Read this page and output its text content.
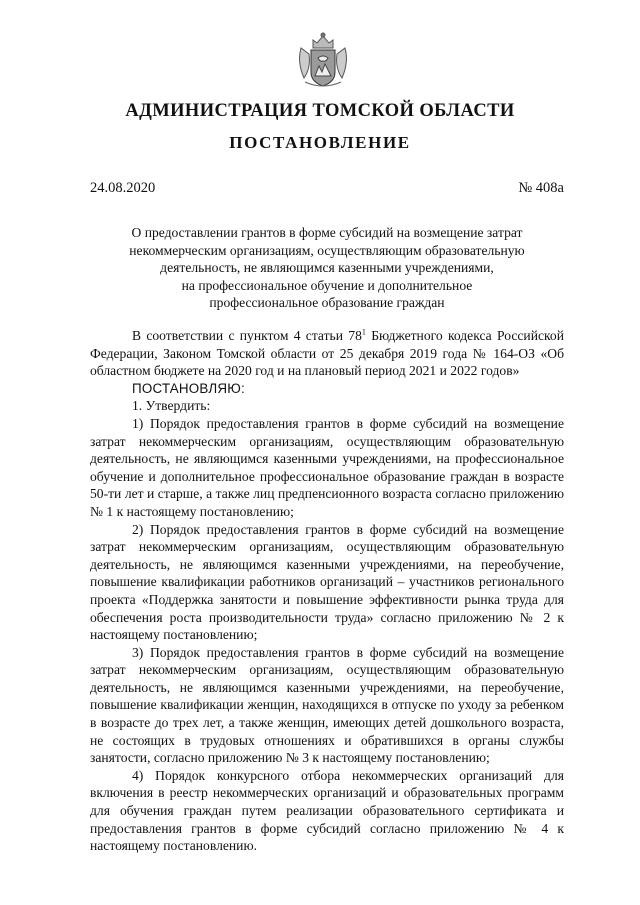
АДМИНИСТРАЦИЯ ТОМСКОЙ ОБЛАСТИ
ПОСТАНОВЛЕНИЕ
24.08.2020	№ 408а
О предоставлении грантов в форме субсидий на возмещение затрат
некоммерческим организациям, осуществляющим образовательную
деятельность, не являющимся казенными учреждениями,
на профессиональное обучение и дополнительное
профессиональное образование граждан

В соответствии с пунктом 4 статьи $78^1$ Бюджетного кодекса Российской Федерации, Законом Томской области от 25 декабря 2019 года № 164-ОЗ «Об областном бюджете на 2020 год и на плановый период 2021 и 2022 годов»

ПОСТАНОВЛЯЮ:

1. Утвердить:

1) Порядок предоставления грантов в форме субсидий на возмещение затрат некоммерческим организациям, осуществляющим образовательную деятельность, не являющимся казенными учреждениями, на профессиональное обучение и дополнительное профессиональное образование граждан в возрасте 50-ти лет и старше, а также лиц предпенсионного возраста согласно приложению № 1 к настоящему постановлению;

2) Порядок предоставления грантов в форме субсидий на возмещение затрат некоммерческим организациям, осуществляющим образовательную деятельность, не являющимся казенными учреждениями, на переобучение, повышение квалификации работников организаций – участников регионального проекта «Поддержка занятости и повышение эффективности рынка труда для обеспечения роста производительности труда» согласно приложению № 2 к настоящему постановлению;

3) Порядок предоставления грантов в форме субсидий на возмещение затрат некоммерческим организациям, осуществляющим образовательную деятельность, не являющимся казенными учреждениями, на переобучение, повышение квалификации женщин, находящихся в отпуске по уходу за ребенком в возрасте до трех лет, а также женщин, имеющих детей дошкольного возраста, не состоящих в трудовых отношениях и обратившихся в органы службы занятости, согласно приложению № 3 к настоящему постановлению;

4) Порядок конкурсного отбора некоммерческих организаций для включения в реестр некоммерческих организаций и образовательных программ для обучения граждан путем реализации образовательного сертификата и предоставления грантов в форме субсидий согласно приложению № 4 к настоящему постановлению.
